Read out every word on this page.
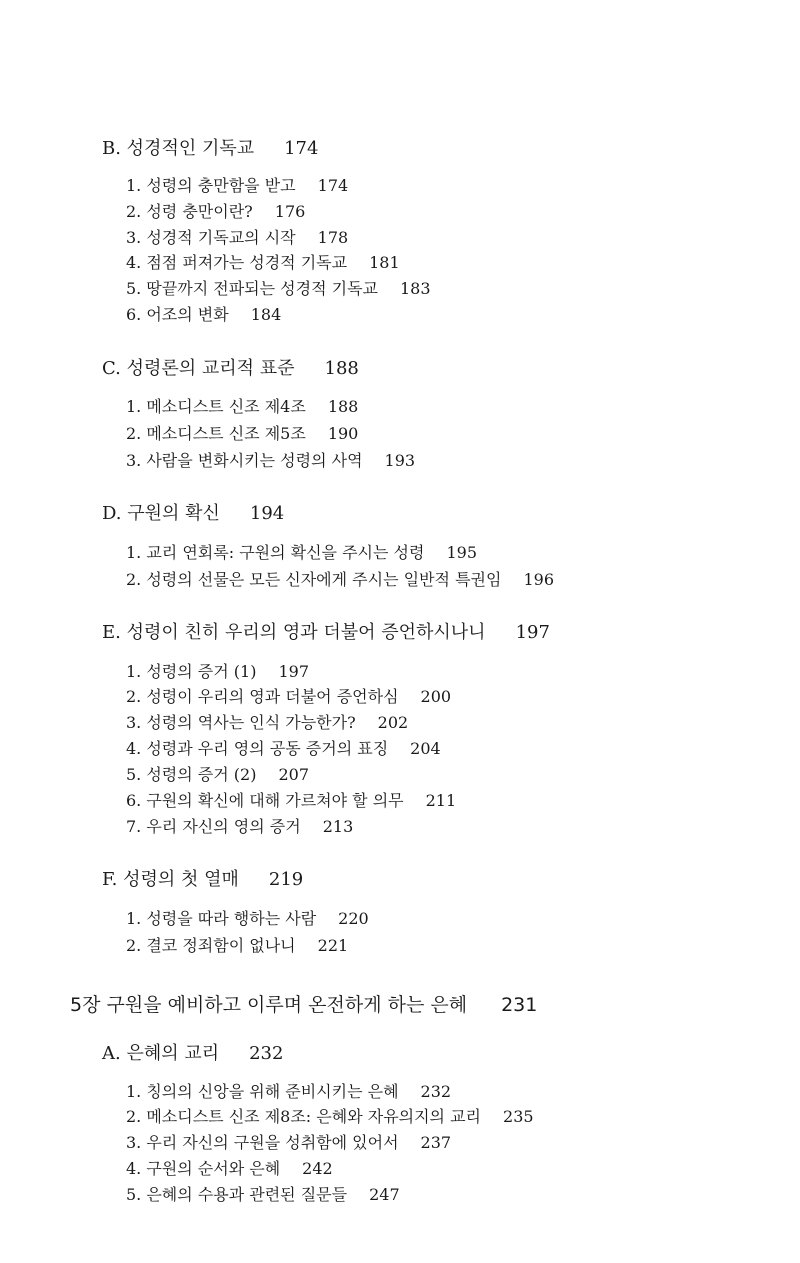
B. 성경적인 기독교 174
1. 성령의 충만함을 받고 174
2. 성령 충만이란? 176
3. 성경적 기독교의 시작 178
4. 점점 퍼져가는 성경적 기독교 181
5. 땅끝까지 전파되는 성경적 기독교 183
6. 어조의 변화 184
C. 성령론의 교리적 표준 188
1. 메소디스트 신조 제4조 188
2. 메소디스트 신조 제5조 190
3. 사람을 변화시키는 성령의 사역 193
D. 구원의 확신 194
1. 교리 연회록: 구원의 확신을 주시는 성령 195
2. 성령의 선물은 모든 신자에게 주시는 일반적 특권임 196
E. 성령이 친히 우리의 영과 더불어 증언하시나니 197
1. 성령의 증거 (1) 197
2. 성령이 우리의 영과 더불어 증언하심 200
3. 성령의 역사는 인식 가능한가? 202
4. 성령과 우리 영의 공동 증거의 표징 204
5. 성령의 증거 (2) 207
6. 구원의 확신에 대해 가르쳐야 할 의무 211
7. 우리 자신의 영의 증거 213
F. 성령의 첫 열매 219
1. 성령을 따라 행하는 사람 220
2. 결코 정죄함이 없나니 221
5장 구원을 예비하고 이루며 온전하게 하는 은혜 231
A. 은혜의 교리 232
1. 칭의의 신앙을 위해 준비시키는 은혜 232
2. 메소디스트 신조 제8조: 은혜와 자유의지의 교리 235
3. 우리 자신의 구원을 성취함에 있어서 237
4. 구원의 순서와 은혜 242
5. 은혜의 수용과 관련된 질문들 247
